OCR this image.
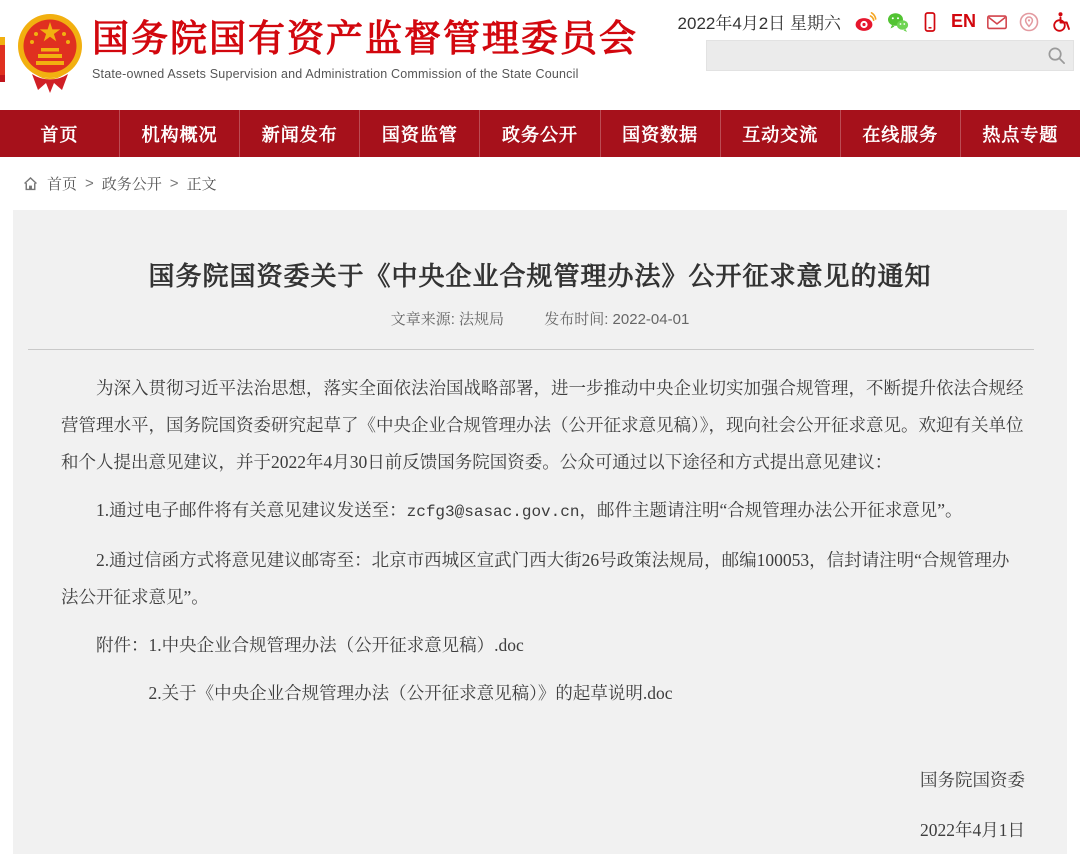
国务院国有资产监督管理委员会
State-owned Assets Supervision and Administration Commission of the State Council
2022年4月2日 星期六	EN
首页	机构概况	新闻发布	国资监管	政务公开	国资数据	互动交流	在线服务	热点专题
首页 > 政务公开 > 正文
国务院国资委关于《中央企业合规管理办法》公开征求意见的通知
文章来源: 法规局	发布时间: 2022-04-01

为深入贯彻习近平法治思想，落实全面依法治国战略部署，进一步推动中央企业切实加强合规管理，不断提升依法合规经营管理水平，国务院国资委研究起草了《中央企业合规管理办法（公开征求意见稿）》，现向社会公开征求意见。欢迎有关单位和个人提出意见建议，并于2022年4月30日前反馈国务院国资委。公众可通过以下途径和方式提出意见建议：

1.通过电子邮件将有关意见建议发送至：zcfg3@sasac.gov.cn，邮件主题请注明“合规管理办法公开征求意见”。

2.通过信函方式将意见建议邮寄至：北京市西城区宣武门西大街26号政策法规局，邮编100053，信封请注明“合规管理办法公开征求意见”。

附件：1.中央企业合规管理办法（公开征求意见稿）.doc

2.关于《中央企业合规管理办法（公开征求意见稿）》的起草说明.doc

国务院国资委
2022年4月1日
